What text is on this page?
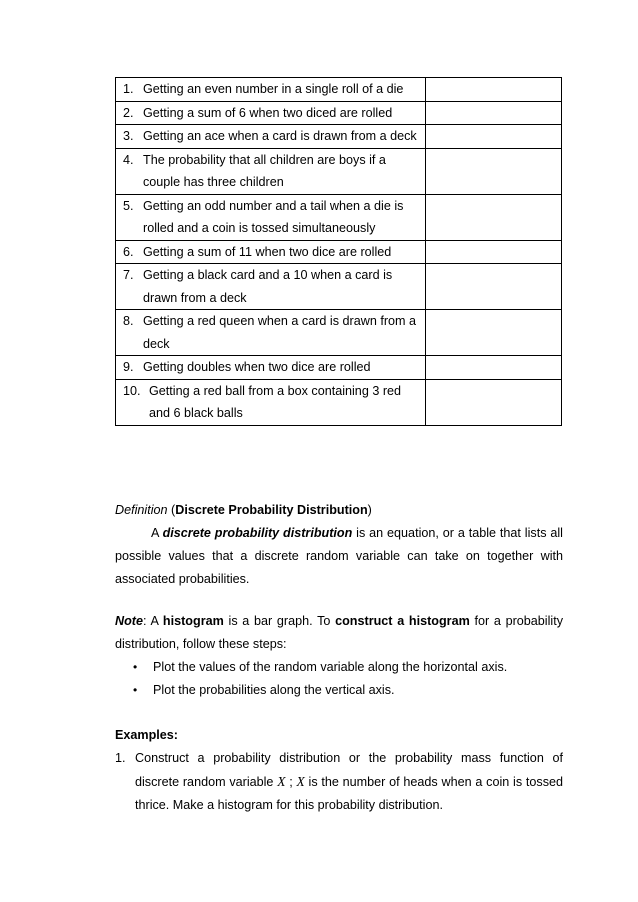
1. Getting an even number in a single roll of a die	

2. Getting a sum of 6 when two diced are rolled	

3. Getting an ace when a card is drawn from a deck	

4. The probability that all children are boys if a couple has three children	

5. Getting an odd number and a tail when a die is rolled and a coin is tossed simultaneously	

6. Getting a sum of 11 when two dice are rolled	

7. Getting a black card and a 10 when a card is drawn from a deck	

8. Getting a red queen when a card is drawn from a deck	

9. Getting doubles when two dice are rolled	

10. Getting a red ball from a box containing 3 red and 6 black balls	

Definition (Discrete Probability Distribution)
A discrete probability distribution is an equation, or a table that lists all possible values that a discrete random variable can take on together with associated probabilities.
Note: A histogram is a bar graph. To construct a histogram for a probability distribution, follow these steps:
•	Plot the values of the random variable along the horizontal axis.
•	Plot the probabilities along the vertical axis.
Examples:
1. Construct a probability distribution or the probability mass function of discrete random variable X ; X is the number of heads when a coin is tossed thrice. Make a histogram for this probability distribution.
